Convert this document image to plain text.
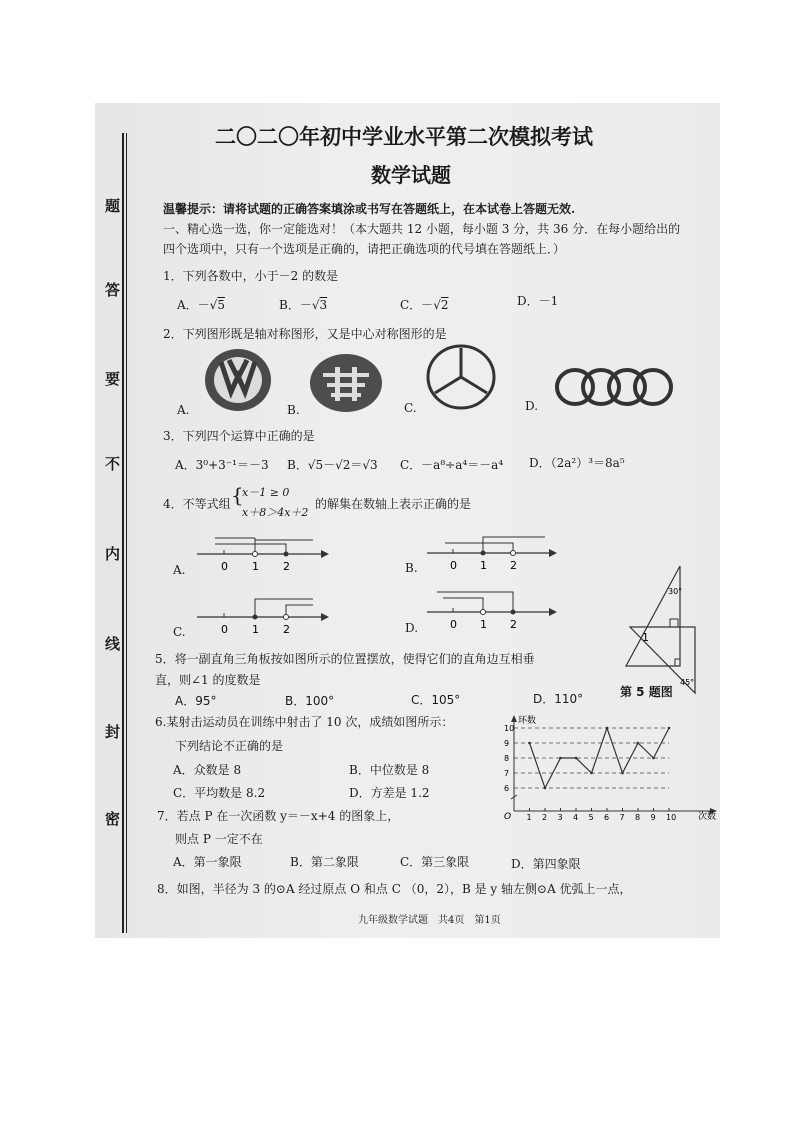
题
答
要
不
内
线
封
密
二〇二〇年初中学业水平第二次模拟考试
数学试题
温馨提示：请将试题的正确答案填涂或书写在答题纸上，在本试卷上答题无效.
一、精心选一选，你一定能选对！（本大题共 12 小题，每小题 3 分，共 36 分．在每小题给出的
四个选项中，只有一个选项是正确的，请把正确选项的代号填在答题纸上．）
1．下列各数中，小于－2 的数是
A．－√5	B．－√3	C．－√2	D．－1
2．下列图形既是轴对称图形，又是中心对称图形的是
A.	B.	C.	D.
3．下列四个运算中正确的是
A．3⁰+3⁻¹＝－3 B．√5－√2＝√3 C．－a⁸÷a⁴＝－a⁴ D．（2a²）³＝8a⁵
4．不等式组 {
x－1 ≥ 0
x＋8＞4x＋2
的解集在数轴上表示正确的是
0 1 2
A.	0 1 2
B.
0 1 2
C.
0 1 2
D.
30°
45°
1
5．将一副直角三角板按如图所示的位置摆放，使得它们的直角边互相垂
直，则∠1 的度数是
A．95°	B．100°	C．105°	D．110°	第 5 题图
6.某射击运动员在训练中射击了 10 次，成绩如图所示：
下列结论不正确的是
A．众数是 8	B．中位数是 8
C．平均数是 8.2	D．方差是 1.2	6
7
8
9
10
1 2 3 4 5 6 7 8 9 10
环数
次数
O
7．若点 P 在一次函数 y＝－x+4 的图象上，
则点 P 一定不在
A．第一象限	B．第二象限	C．第三象限	D．第四象限
8．如图，半径为 3 的⊙A 经过原点 O 和点 C （0，2），B 是 y 轴左侧⊙A 优弧上一点，
九年级数学试题　共4页　第1页
